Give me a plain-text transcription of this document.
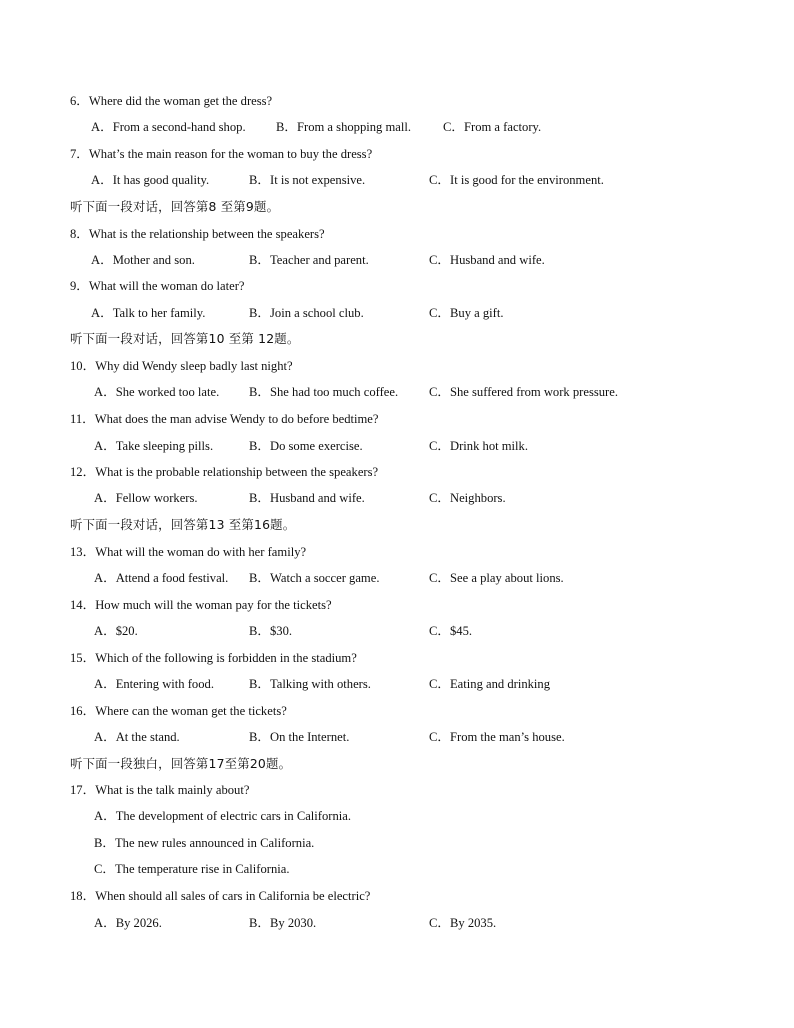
6．Where did the woman get the dress?
A．From a second-hand shop. B．From a shopping mall.	C．From a factory.
7．What’s the main reason for the woman to buy the dress?
A．It has good quality.	B．It is not expensive.	C．It is good for the environment.
听下面一段对话，回答第8 至第9题。
8．What is the relationship between the speakers?
A．Mother and son.	B．Teacher and parent.	C．Husband and wife.
9．What will the woman do later?
A．Talk to her family.	B．Join a school club.	C．Buy a gift.
听下面一段对话，回答第10 至第 12题。
10．Why did Wendy sleep badly last night?
A．She worked too late. B．She had too much coffee. C．She suffered from work pressure.
11．What does the man advise Wendy to do before bedtime?
A．Take sleeping pills.	B．Do some exercise.	C．Drink hot milk.
12．What is the probable relationship between the speakers?
A．Fellow workers.	B．Husband and wife.	C．Neighbors.
听下面一段对话，回答第13 至第16题。
13．What will the woman do with her family?
A．Attend a food festival. B．Watch a soccer game.	C．See a play about lions.
14．How much will the woman pay for the tickets?
A．$20.	B．$30.	C．$45.
15．Which of the following is forbidden in the stadium?
A．Entering with food.	B．Talking with others.	C．Eating and drinking
16．Where can the woman get the tickets?
A．At the stand.	B．On the Internet.	C．From the man’s house.
听下面一段独白，回答第17至第20题。
17．What is the talk mainly about?
A．The development of electric cars in California.
B．The new rules announced in California.
C．The temperature rise in California.
18．When should all sales of cars in California be electric?
A．By 2026.	B．By 2030.	C．By 2035.
